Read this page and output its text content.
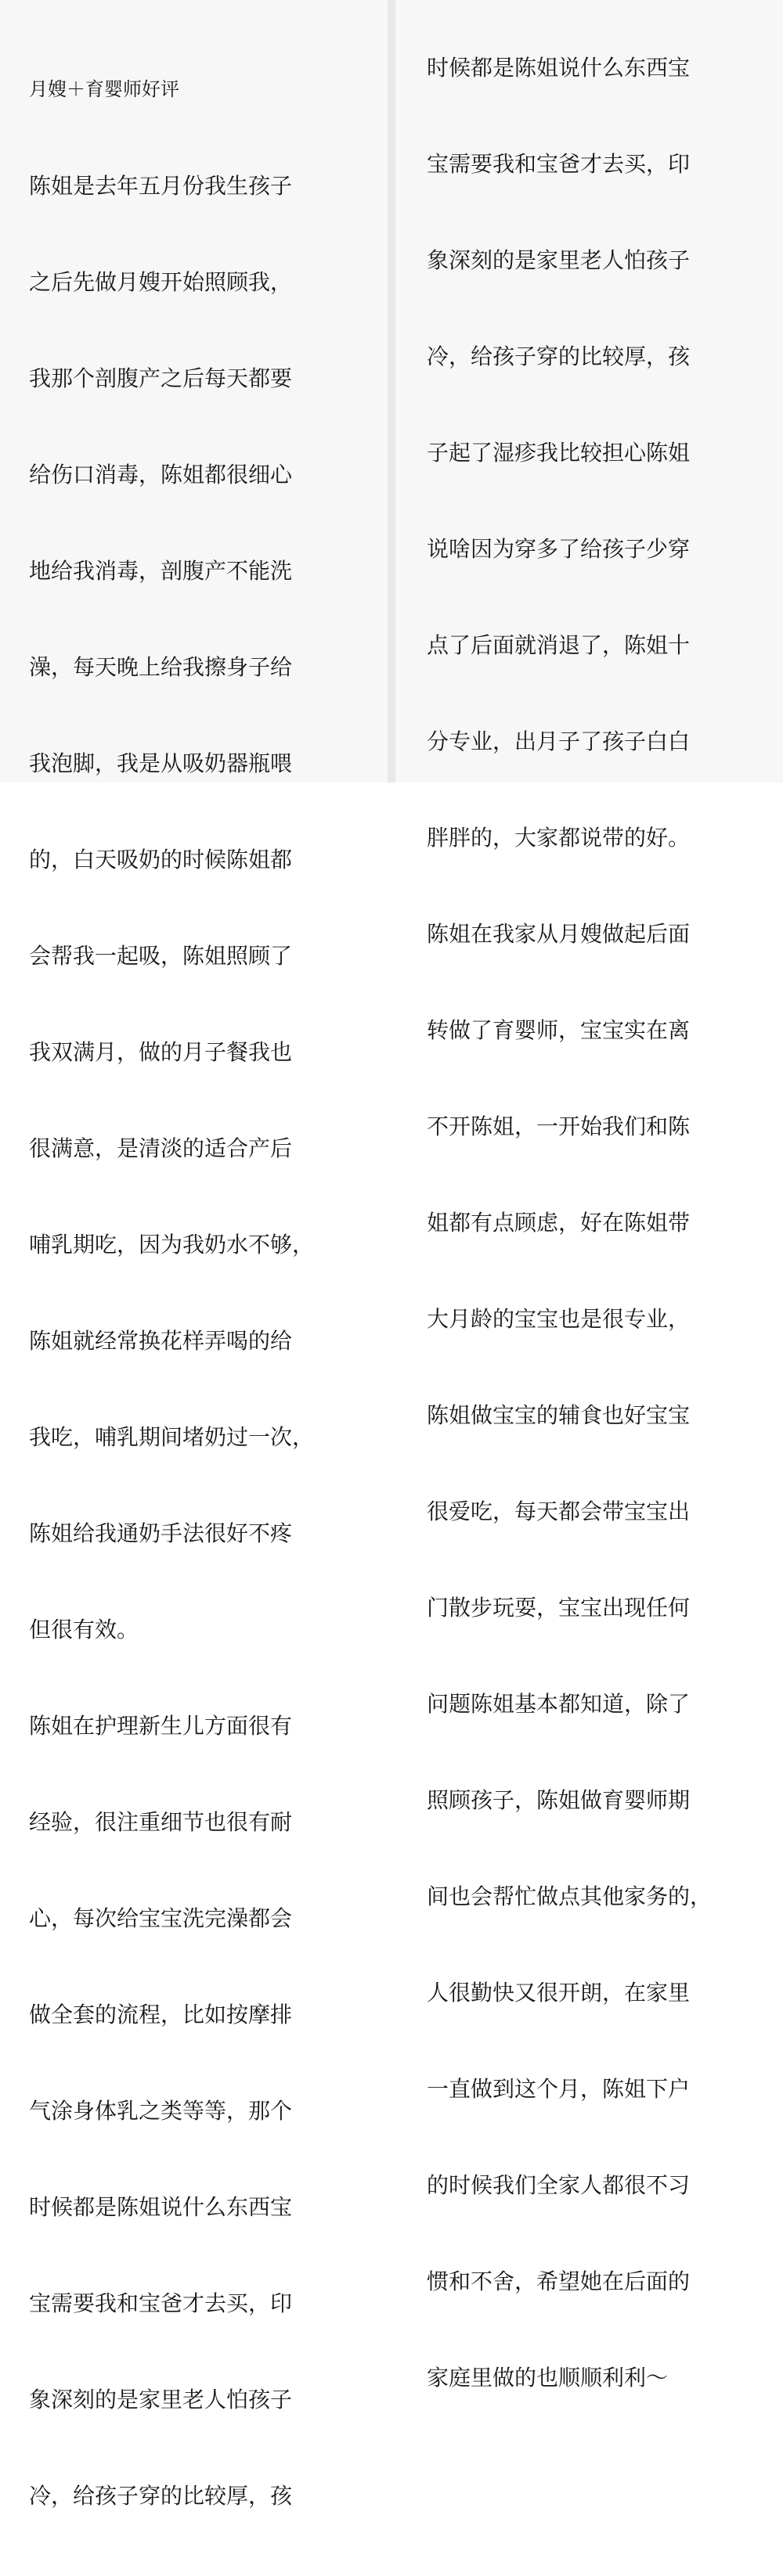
月嫂＋育婴师好评

陈姐是去年五月份我生孩子

之后先做月嫂开始照顾我，

我那个剖腹产之后每天都要

给伤口消毒，陈姐都很细心

地给我消毒，剖腹产不能洗

澡，每天晚上给我擦身子给

我泡脚，我是从吸奶器瓶喂

的，白天吸奶的时候陈姐都

会帮我一起吸，陈姐照顾了

我双满月，做的月子餐我也

很满意，是清淡的适合产后

哺乳期吃，因为我奶水不够，

陈姐就经常换花样弄喝的给

我吃，哺乳期间堵奶过一次，

陈姐给我通奶手法很好不疼

但很有效。

陈姐在护理新生儿方面很有

经验，很注重细节也很有耐

心，每次给宝宝洗完澡都会

做全套的流程，比如按摩排

气涂身体乳之类等等，那个

时候都是陈姐说什么东西宝

宝需要我和宝爸才去买，印

象深刻的是家里老人怕孩子

冷，给孩子穿的比较厚，孩

时候都是陈姐说什么东西宝

宝需要我和宝爸才去买，印

象深刻的是家里老人怕孩子

冷，给孩子穿的比较厚，孩

子起了湿疹我比较担心陈姐

说啥因为穿多了给孩子少穿

点了后面就消退了，陈姐十

分专业，出月子了孩子白白

胖胖的，大家都说带的好。

陈姐在我家从月嫂做起后面

转做了育婴师，宝宝实在离

不开陈姐，一开始我们和陈

姐都有点顾虑，好在陈姐带

大月龄的宝宝也是很专业，

陈姐做宝宝的辅食也好宝宝

很爱吃，每天都会带宝宝出

门散步玩耍，宝宝出现任何

问题陈姐基本都知道，除了

照顾孩子，陈姐做育婴师期

间也会帮忙做点其他家务的，

人很勤快又很开朗，在家里

一直做到这个月，陈姐下户

的时候我们全家人都很不习

惯和不舍，希望她在后面的

家庭里做的也顺顺利利～
